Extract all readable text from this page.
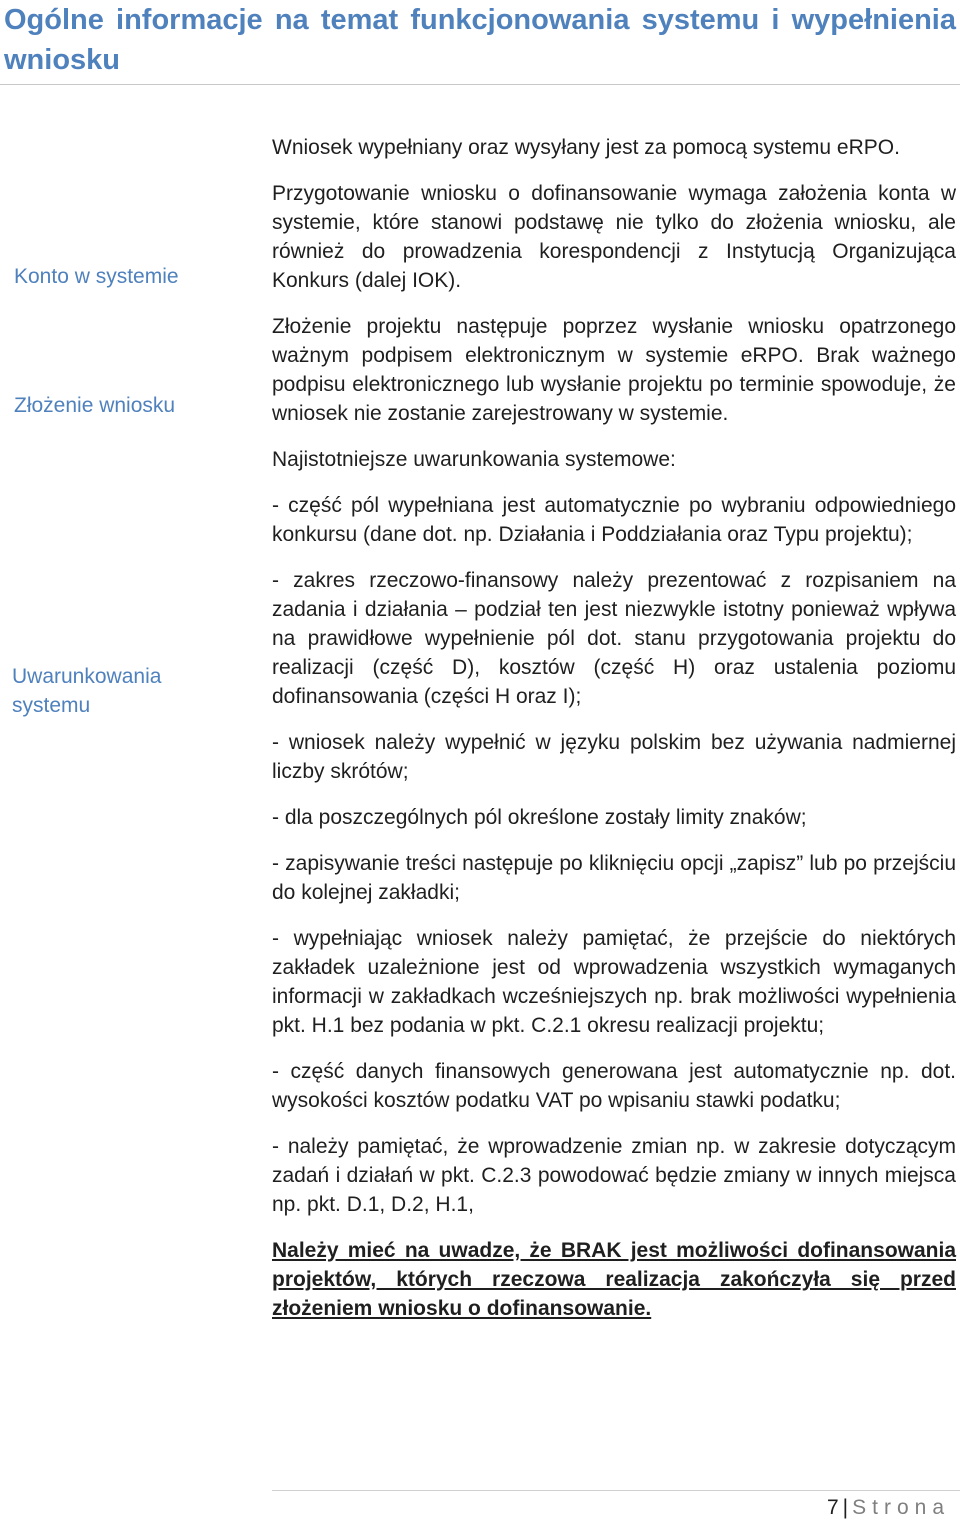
Ogólne informacje na temat funkcjonowania systemu i wypełnienia wniosku
Konto w systemie
Złożenie wniosku
Uwarunkowania systemu

Wniosek wypełniany oraz wysyłany jest za pomocą systemu eRPO.

Przygotowanie wniosku o dofinansowanie wymaga założenia konta w systemie, które stanowi podstawę nie tylko do złożenia wniosku, ale również do prowadzenia korespondencji z Instytucją Organizująca Konkurs (dalej IOK).

Złożenie projektu następuje poprzez wysłanie wniosku opatrzonego ważnym podpisem elektronicznym w systemie eRPO. Brak ważnego podpisu elektronicznego lub wysłanie projektu po terminie spowoduje, że wniosek nie zostanie zarejestrowany w systemie.

Najistotniejsze uwarunkowania systemowe:

- część pól wypełniana jest automatycznie po wybraniu odpowiedniego konkursu (dane dot. np. Działania i Poddziałania oraz Typu projektu);

- zakres rzeczowo-finansowy należy prezentować z rozpisaniem na zadania i działania – podział ten jest niezwykle istotny ponieważ wpływa na prawidłowe wypełnienie pól dot. stanu przygotowania projektu do realizacji (część D), kosztów (część H) oraz ustalenia poziomu dofinansowania (części H oraz I);

- wniosek należy wypełnić w języku polskim bez używania nadmiernej liczby skrótów;

- dla poszczególnych pól określone zostały limity znaków;

- zapisywanie treści następuje po kliknięciu opcji „zapisz” lub po przejściu do kolejnej zakładki;

- wypełniając wniosek należy pamiętać, że przejście do niektórych zakładek uzależnione jest od wprowadzenia wszystkich wymaganych informacji w zakładkach wcześniejszych np. brak możliwości wypełnienia pkt. H.1 bez podania w pkt. C.2.1 okresu realizacji projektu;

- część danych finansowych generowana jest automatycznie np. dot. wysokości kosztów podatku VAT po wpisaniu stawki podatku;

- należy pamiętać, że wprowadzenie zmian np. w zakresie dotyczącym zadań i działań w pkt. C.2.3 powodować będzie zmiany w innych miejsca np. pkt. D.1, D.2, H.1,

Należy mieć na uwadze, że BRAK jest możliwości dofinansowania projektów, których rzeczowa realizacja zakończyła się przed złożeniem wniosku o dofinansowanie.

7 | Strona
